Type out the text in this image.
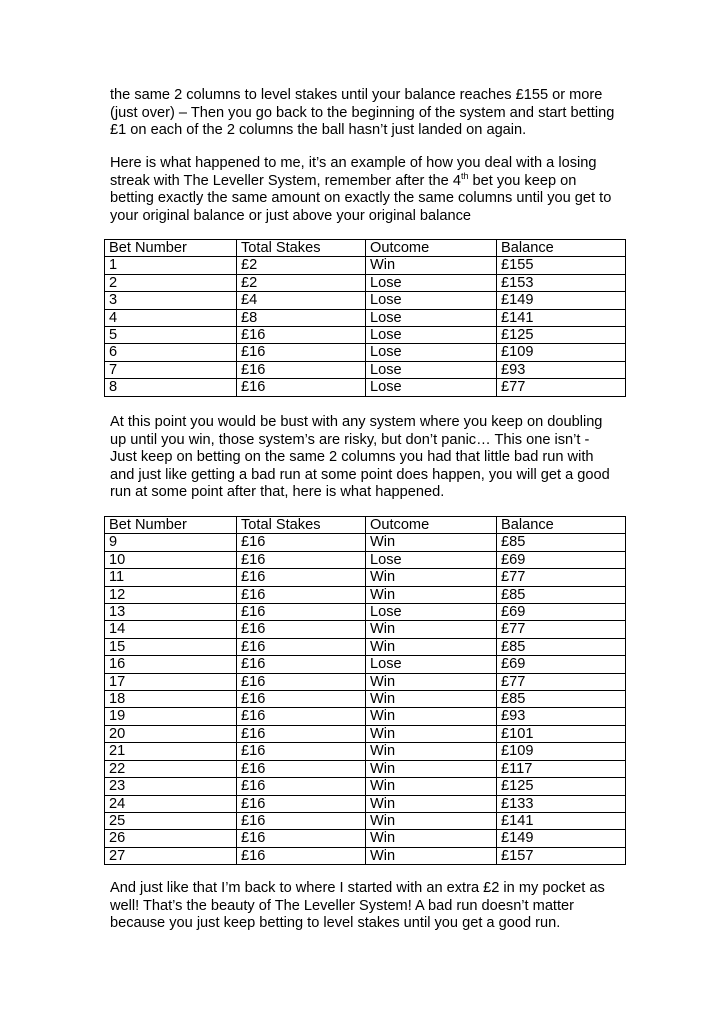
the same 2 columns to level stakes until your balance reaches £155 or more
(just over) – Then you go back to the beginning of the system and start betting
£1 on each of the 2 columns the ball hasn’t just landed on again.
Here is what happened to me, it’s an example of how you deal with a losing
streak with The Leveller System, remember after the 4th bet you keep on
betting exactly the same amount on exactly the same columns until you get to
your original balance or just above your original balance
Bet Number	Total Stakes	Outcome	Balance
1	£2	Win	£155
2	£2	Lose	£153
3	£4	Lose	£149
4	£8	Lose	£141
5	£16	Lose	£125
6	£16	Lose	£109
7	£16	Lose	£93
8	£16	Lose	£77
At this point you would be bust with any system where you keep on doubling
up until you win, those system’s are risky, but don’t panic… This one isn’t -
Just keep on betting on the same 2 columns you had that little bad run with
and just like getting a bad run at some point does happen, you will get a good
run at some point after that, here is what happened.
Bet Number	Total Stakes	Outcome	Balance
9	£16	Win	£85
10	£16	Lose	£69
11	£16	Win	£77
12	£16	Win	£85
13	£16	Lose	£69
14	£16	Win	£77
15	£16	Win	£85
16	£16	Lose	£69
17	£16	Win	£77
18	£16	Win	£85
19	£16	Win	£93
20	£16	Win	£101
21	£16	Win	£109
22	£16	Win	£117
23	£16	Win	£125
24	£16	Win	£133
25	£16	Win	£141
26	£16	Win	£149
27	£16	Win	£157
And just like that I’m back to where I started with an extra £2 in my pocket as
well! That’s the beauty of The Leveller System! A bad run doesn’t matter
because you just keep betting to level stakes until you get a good run.
